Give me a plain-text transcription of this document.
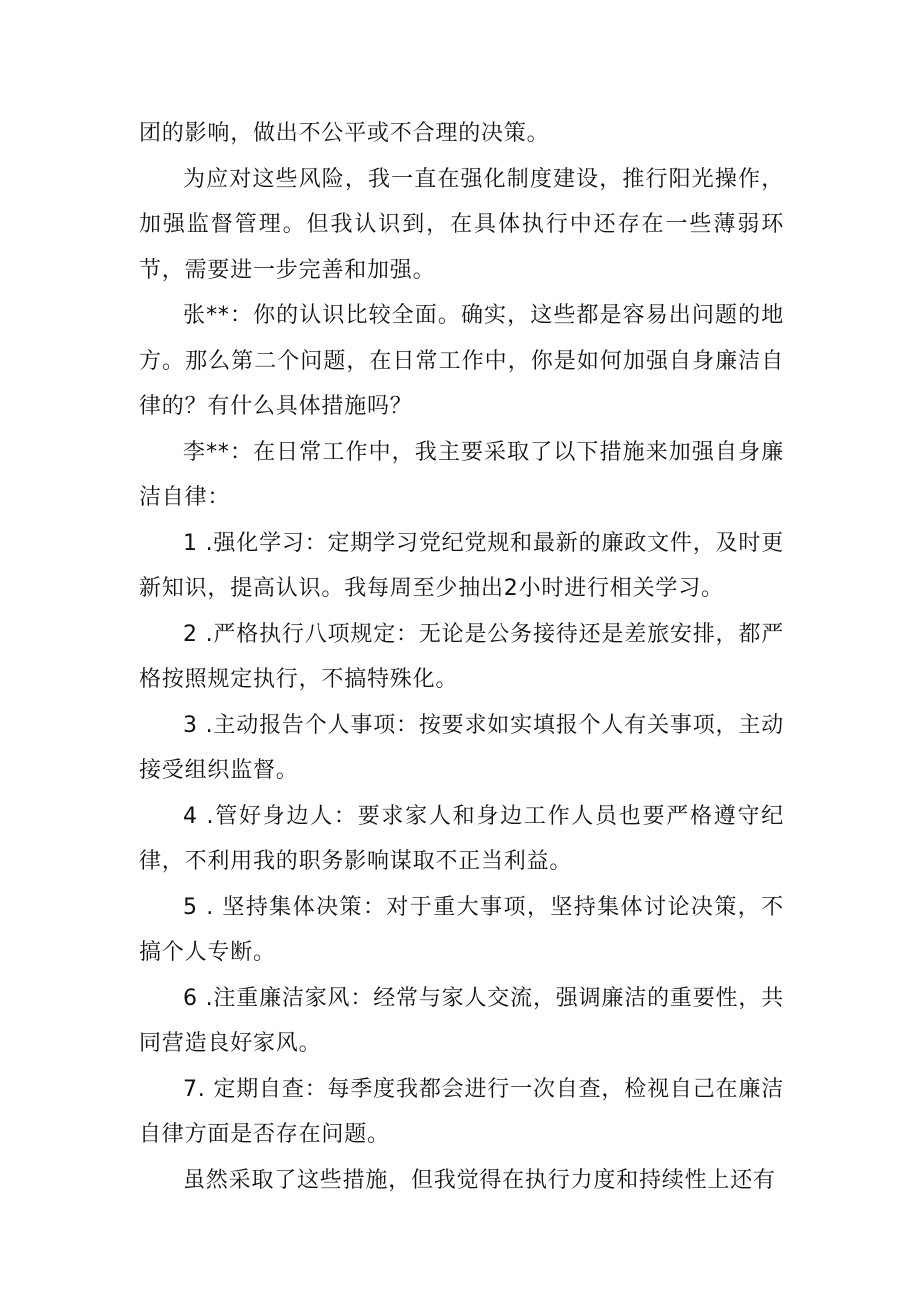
团的影响，做出不公平或不合理的决策。

为应对这些风险，我一直在强化制度建设，推行阳光操作，加强监督管理。但我认识到，在具体执行中还存在一些薄弱环节，需要进一步完善和加强。

张**：你的认识比较全面。确实，这些都是容易出问题的地方。那么第二个问题，在日常工作中，你是如何加强自身廉洁自律的？有什么具体措施吗？

李**：在日常工作中，我主要采取了以下措施来加强自身廉洁自律：

1 .强化学习：定期学习党纪党规和最新的廉政文件，及时更新知识，提高认识。我每周至少抽出2小时进行相关学习。

2 .严格执行八项规定：无论是公务接待还是差旅安排，都严格按照规定执行，不搞特殊化。

3 .主动报告个人事项：按要求如实填报个人有关事项，主动接受组织监督。

4 .管好身边人：要求家人和身边工作人员也要严格遵守纪律，不利用我的职务影响谋取不正当利益。

5 . 坚持集体决策：对于重大事项，坚持集体讨论决策，不搞个人专断。

6 .注重廉洁家风：经常与家人交流，强调廉洁的重要性，共同营造良好家风。

7. 定期自查：每季度我都会进行一次自查，检视自己在廉洁自律方面是否存在问题。

虽然采取了这些措施，但我觉得在执行力度和持续性上还有
